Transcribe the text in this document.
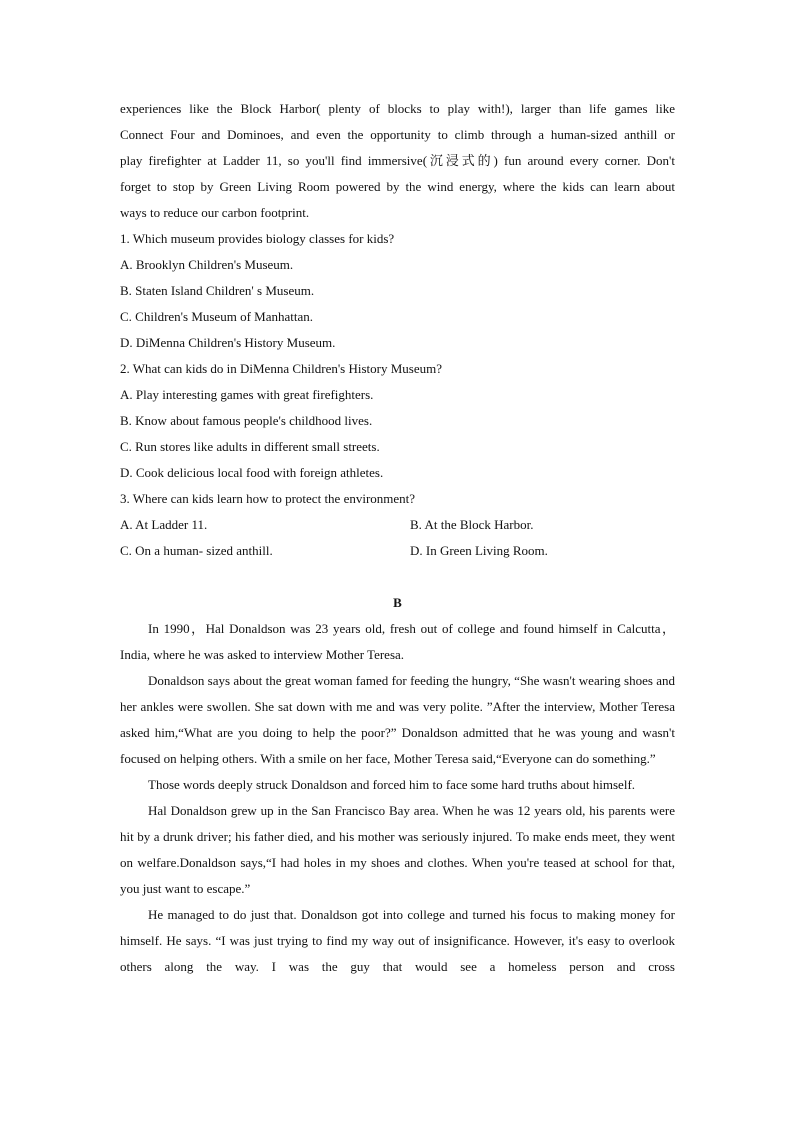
experiences like the Block Harbor( plenty of blocks to play with!), larger than life games like
Connect Four and Dominoes, and even the opportunity to climb through a human-sized anthill or
play firefighter at Ladder 11, so you'll find immersive(沉浸式的) fun around every corner. Don't
forget to stop by Green Living Room powered by the wind energy, where the kids can learn about
ways to reduce our carbon footprint.
1. Which museum provides biology classes for kids?
A. Brooklyn Children's Museum.
B. Staten Island Children' s Museum.
C. Children's Museum of Manhattan.
D. DiMenna Children's History Museum.
2. What can kids do in DiMenna Children's History Museum?
A. Play interesting games with great firefighters.
B. Know about famous people's childhood lives.
C. Run stores like adults in different small streets.
D. Cook delicious local food with foreign athletes.
3. Where can kids learn how to protect the environment?
A. At Ladder 11.	B. At the Block Harbor.
C. On a human- sized anthill.	D. In Green Living Room.
B

In 1990，Hal Donaldson was 23 years old, fresh out of college and found himself in Calcutta，India, where he was asked to interview Mother Teresa.

Donaldson says about the great woman famed for feeding the hungry, “She wasn't wearing shoes and her ankles were swollen. She sat down with me and was very polite. ”After the interview, Mother Teresa asked him,“What are you doing to help the poor?” Donaldson admitted that he was young and wasn't focused on helping others. With a smile on her face, Mother Teresa said,“Everyone can do something.”

Those words deeply struck Donaldson and forced him to face some hard truths about himself.

Hal Donaldson grew up in the San Francisco Bay area. When he was 12 years old, his parents were hit by a drunk driver; his father died, and his mother was seriously injured. To make ends meet, they went on welfare.Donaldson says,“I had holes in my shoes and clothes. When you're teased at school for that, you just want to escape.”

He managed to do just that. Donaldson got into college and turned his focus to making money for himself. He says. “I was just trying to find my way out of insignificance. However, it's easy to overlook others along the way. I was the guy that would see a homeless person and cross
